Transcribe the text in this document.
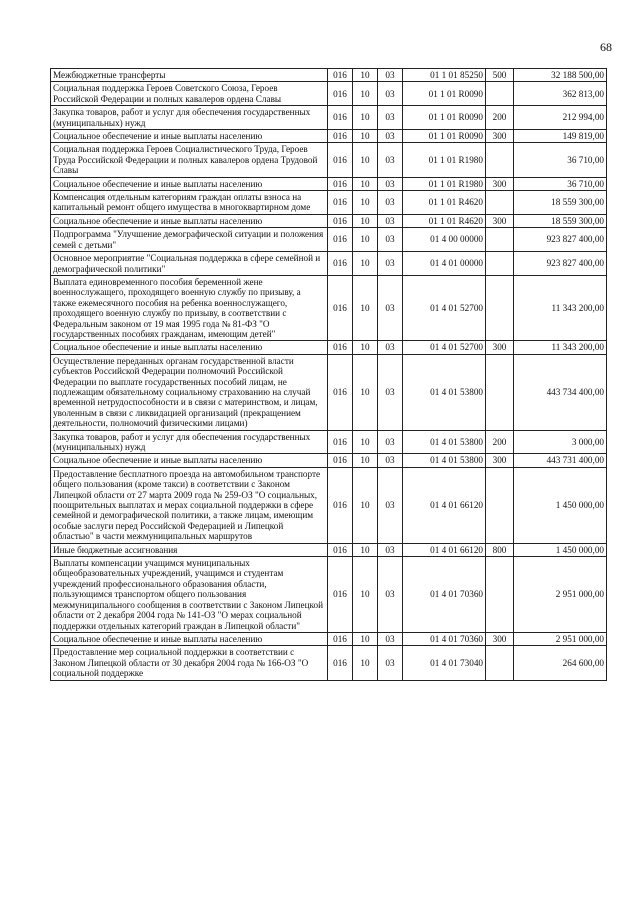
68
Межбюджетные трансферты	016	10	03	01 1 01 85250	500	32 188 500,00
Социальная поддержка Героев Советского Союза, Героев Российской Федерации и полных кавалеров ордена Славы	016	10	03	01 1 01 R0090		362 813,00
Закупка товаров, работ и услуг для обеспечения государственных (муниципальных) нужд	016	10	03	01 1 01 R0090	200	212 994,00
Социальное обеспечение и иные выплаты населению	016	10	03	01 1 01 R0090	300	149 819,00
Социальная поддержка Героев Социалистического Труда, Героев Труда Российской Федерации и полных кавалеров ордена Трудовой Славы	016	10	03	01 1 01 R1980		36 710,00
Социальное обеспечение и иные выплаты населению	016	10	03	01 1 01 R1980	300	36 710,00
Компенсация отдельным категориям граждан оплаты взноса на капитальный ремонт общего имущества в многоквартирном доме	016	10	03	01 1 01 R4620		18 559 300,00
Социальное обеспечение и иные выплаты населению	016	10	03	01 1 01 R4620	300	18 559 300,00
Подпрограмма "Улучшение демографической ситуации и положения семей с детьми"	016	10	03	01 4 00 00000		923 827 400,00
Основное мероприятие "Социальная поддержка в сфере семейной и демографической политики"	016	10	03	01 4 01 00000		923 827 400,00
Выплата единовременного пособия беременной жене военнослужащего, проходящего военную службу по призыву, а также ежемесячного пособия на ребенка военнослужащего, проходящего военную службу по призыву, в соответствии с Федеральным законом от 19 мая 1995 года № 81-ФЗ "О государственных пособиях гражданам, имеющим детей"	016	10	03	01 4 01 52700		11 343 200,00
Социальное обеспечение и иные выплаты населению	016	10	03	01 4 01 52700	300	11 343 200,00
Осуществление переданных органам государственной власти субъектов Российской Федерации полномочий Российской Федерации по выплате государственных пособий лицам, не подлежащим обязательному социальному страхованию на случай временной нетрудоспособности и в связи с материнством, и лицам, уволенным в связи с ликвидацией организаций (прекращением деятельности, полномочий физическими лицами)	016	10	03	01 4 01 53800		443 734 400,00
Закупка товаров, работ и услуг для обеспечения государственных (муниципальных) нужд	016	10	03	01 4 01 53800	200	3 000,00
Социальное обеспечение и иные выплаты населению	016	10	03	01 4 01 53800	300	443 731 400,00
Предоставление бесплатного проезда на автомобильном транспорте общего пользования (кроме такси) в соответствии с Законом Липецкой области от 27 марта 2009 года № 259-ОЗ "О социальных, поощрительных выплатах и мерах социальной поддержки в сфере семейной и демографической политики, а также лицам, имеющим особые заслуги перед Российской Федерацией и Липецкой областью" в части межмуниципальных маршрутов	016	10	03	01 4 01 66120		1 450 000,00
Иные бюджетные ассигнования	016	10	03	01 4 01 66120	800	1 450 000,00
Выплаты компенсации учащимся муниципальных общеобразовательных учреждений, учащимся и студентам учреждений профессионального образования области, пользующимся транспортом общего пользования межмуниципального сообщения в соответствии с Законом Липецкой области от 2 декабря 2004 года № 141-ОЗ "О мерах социальной поддержки отдельных категорий граждан в Липецкой области"	016	10	03	01 4 01 70360		2 951 000,00
Социальное обеспечение и иные выплаты населению	016	10	03	01 4 01 70360	300	2 951 000,00
Предоставление мер социальной поддержки в соответствии с Законом Липецкой области от 30 декабря 2004 года № 166-ОЗ "О социальной поддержке	016	10	03	01 4 01 73040		264 600,00
